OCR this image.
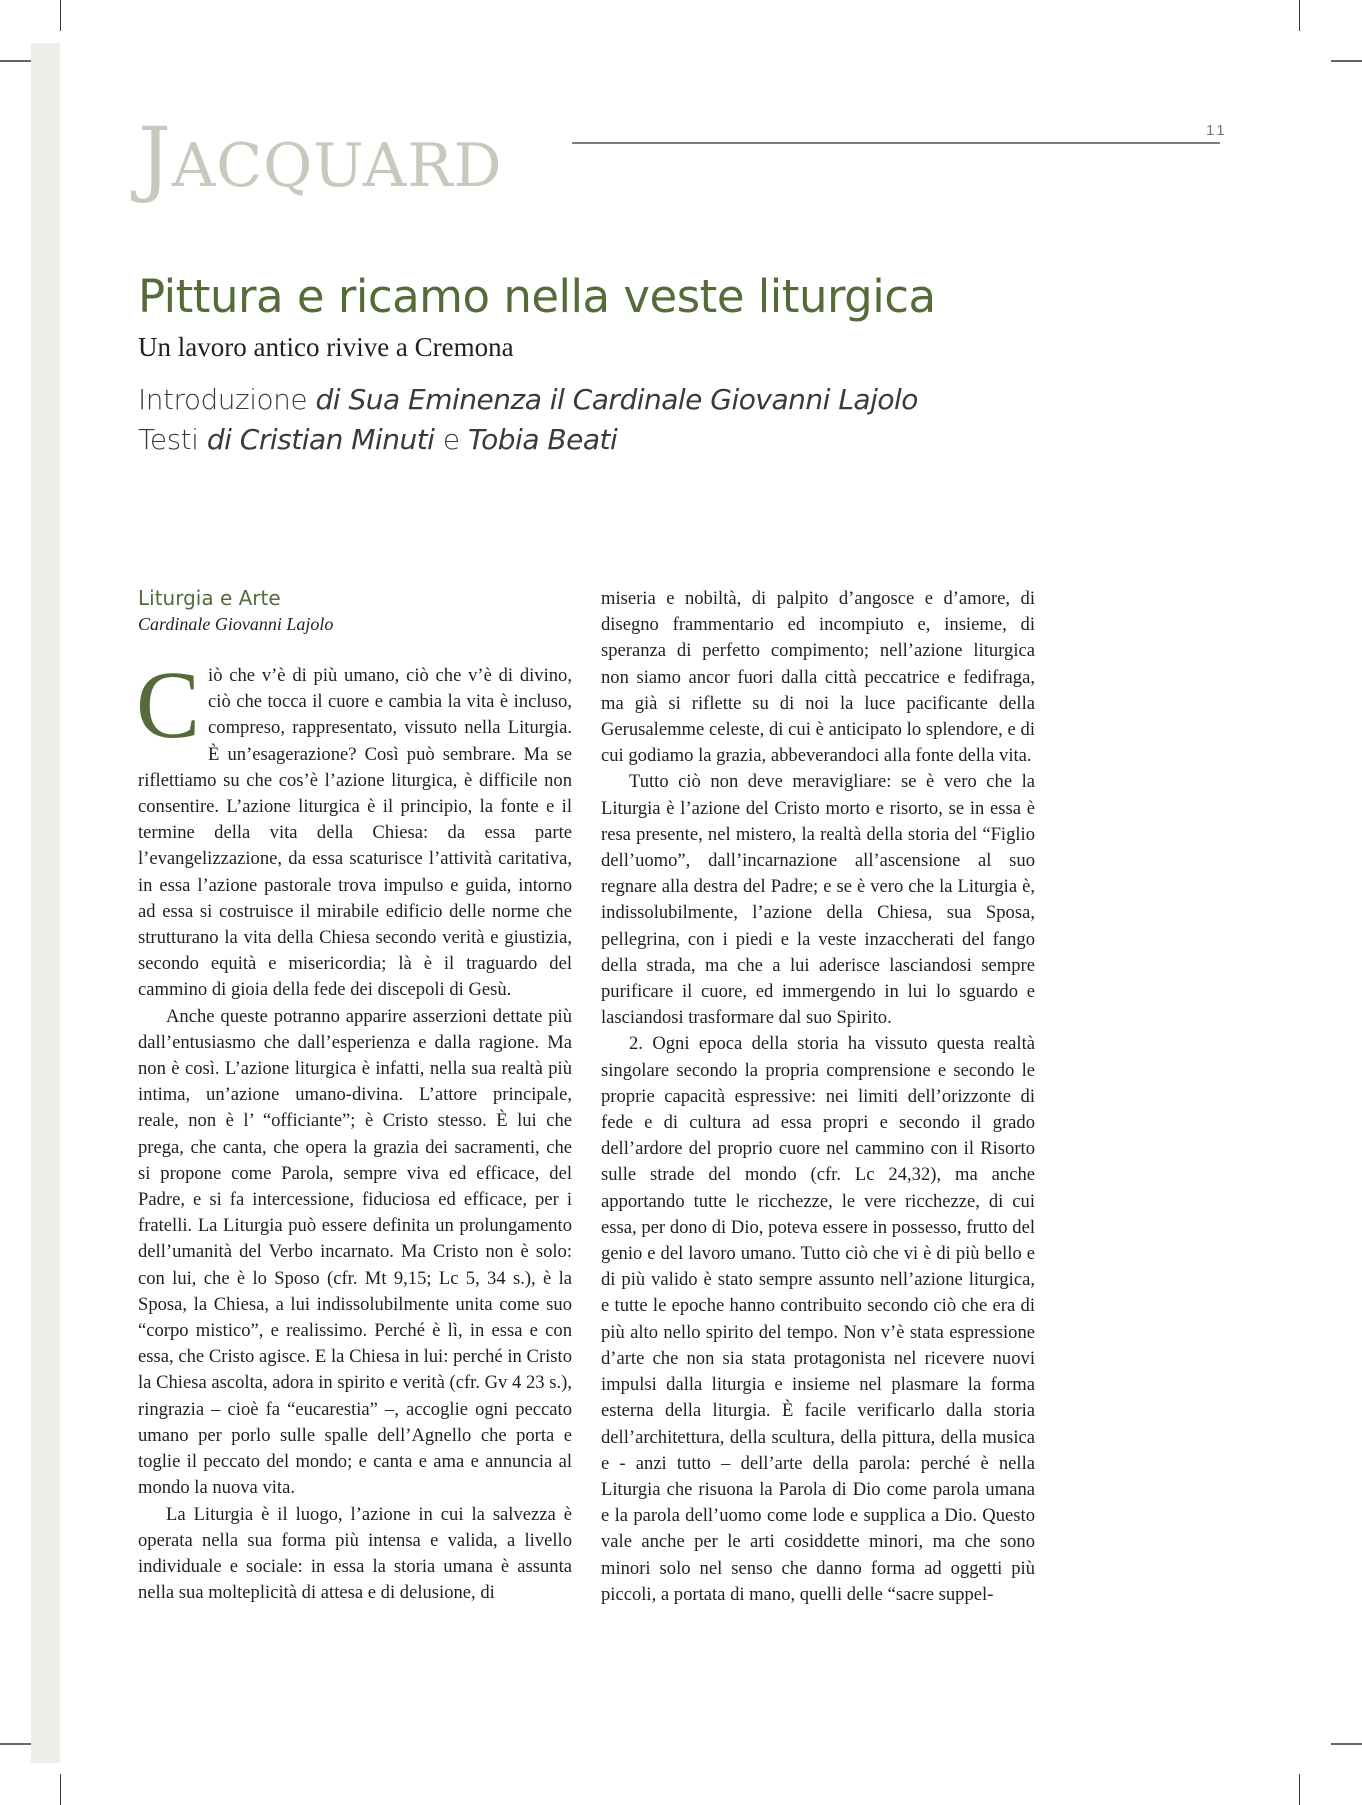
JACQUARD
11
Pittura e ricamo nella veste liturgica
Un lavoro antico rivive a Cremona
Introduzione di Sua Eminenza il Cardinale Giovanni Lajolo
Testi di Cristian Minuti e Tobia Beati

Liturgia e Arte

Cardinale Giovanni Lajolo

Ciò che v’è di più umano, ciò che v’è di divino, ciò che tocca il cuore e cambia la vita è incluso, compreso, rappresentato, vissuto nella Liturgia. È un’esagerazione? Così può sembrare. Ma se riflettiamo su che cos’è l’azione liturgica, è difficile non consentire. L’azione liturgica è il principio, la fonte e il termine della vita della Chiesa: da essa parte l’evangelizzazione, da essa scaturisce l’attività caritativa, in essa l’azione pastorale trova impulso e guida, intorno ad essa si costruisce il mirabile edificio delle norme che strutturano la vita della Chiesa secondo verità e giustizia, secondo equità e misericordia; là è il traguardo del cammino di gioia della fede dei discepoli di Gesù.

Anche queste potranno apparire asserzioni dettate più dall’entusiasmo che dall’esperienza e dalla ragione. Ma non è così. L’azione liturgica è infatti, nella sua realtà più intima, un’azione umano-divina. L’attore principale, reale, non è l’ “officiante”; è Cristo stesso. È lui che prega, che canta, che opera la grazia dei sacramenti, che si propone come Parola, sempre viva ed efficace, del Padre, e si fa intercessione, fiduciosa ed efficace, per i fratelli. La Liturgia può essere definita un prolungamento dell’umanità del Verbo incarnato. Ma Cristo non è solo: con lui, che è lo Sposo (cfr. Mt 9,15; Lc 5, 34 s.), è la Sposa, la Chiesa, a lui indissolubilmente unita come suo “corpo mistico”, e realissimo. Perché è lì, in essa e con essa, che Cristo agisce. E la Chiesa in lui: perché in Cristo la Chiesa ascolta, adora in spirito e verità (cfr. Gv 4 23 s.), ringrazia – cioè fa “eucarestia” –, accoglie ogni peccato umano per porlo sulle spalle dell’Agnello che porta e toglie il peccato del mondo; e canta e ama e annuncia al mondo la nuova vita.

La Liturgia è il luogo, l’azione in cui la salvezza è operata nella sua forma più intensa e valida, a livello individuale e sociale: in essa la storia umana è assunta nella sua molteplicità di attesa e di delusione, di

miseria e nobiltà, di palpito d’angosce e d’amore, di disegno frammentario ed incompiuto e, insieme, di speranza di perfetto compimento; nell’azione liturgica non siamo ancor fuori dalla città peccatrice e fedifraga, ma già si riflette su di noi la luce pacificante della Gerusalemme celeste, di cui è anticipato lo splendore, e di cui godiamo la grazia, abbeverandoci alla fonte della vita.

Tutto ciò non deve meravigliare: se è vero che la Liturgia è l’azione del Cristo morto e risorto, se in essa è resa presente, nel mistero, la realtà della storia del “Figlio dell’uomo”, dall’incarnazione all’ascensione al suo regnare alla destra del Padre; e se è vero che la Liturgia è, indissolubilmente, l’azione della Chiesa, sua Sposa, pellegrina, con i piedi e la veste inzaccherati del fango della strada, ma che a lui aderisce lasciandosi sempre purificare il cuore, ed immergendo in lui lo sguardo e lasciandosi trasformare dal suo Spirito.

2. Ogni epoca della storia ha vissuto questa realtà singolare secondo la propria comprensione e secondo le proprie capacità espressive: nei limiti dell’orizzonte di fede e di cultura ad essa propri e secondo il grado dell’ardore del proprio cuore nel cammino con il Risorto sulle strade del mondo (cfr. Lc 24,32), ma anche apportando tutte le ricchezze, le vere ricchezze, di cui essa, per dono di Dio, poteva essere in possesso, frutto del genio e del lavoro umano. Tutto ciò che vi è di più bello e di più valido è stato sempre assunto nell’azione liturgica, e tutte le epoche hanno contribuito secondo ciò che era di più alto nello spirito del tempo. Non v’è stata espressione d’arte che non sia stata protagonista nel ricevere nuovi impulsi dalla liturgia e insieme nel plasmare la forma esterna della liturgia. È facile verificarlo dalla storia dell’architettura, della scultura, della pittura, della musica e - anzi tutto – dell’arte della parola: perché è nella Liturgia che risuona la Parola di Dio come parola umana e la parola dell’uomo come lode e supplica a Dio. Questo vale anche per le arti cosiddette minori, ma che sono minori solo nel senso che danno forma ad oggetti più piccoli, a portata di mano, quelli delle “sacre suppel-
